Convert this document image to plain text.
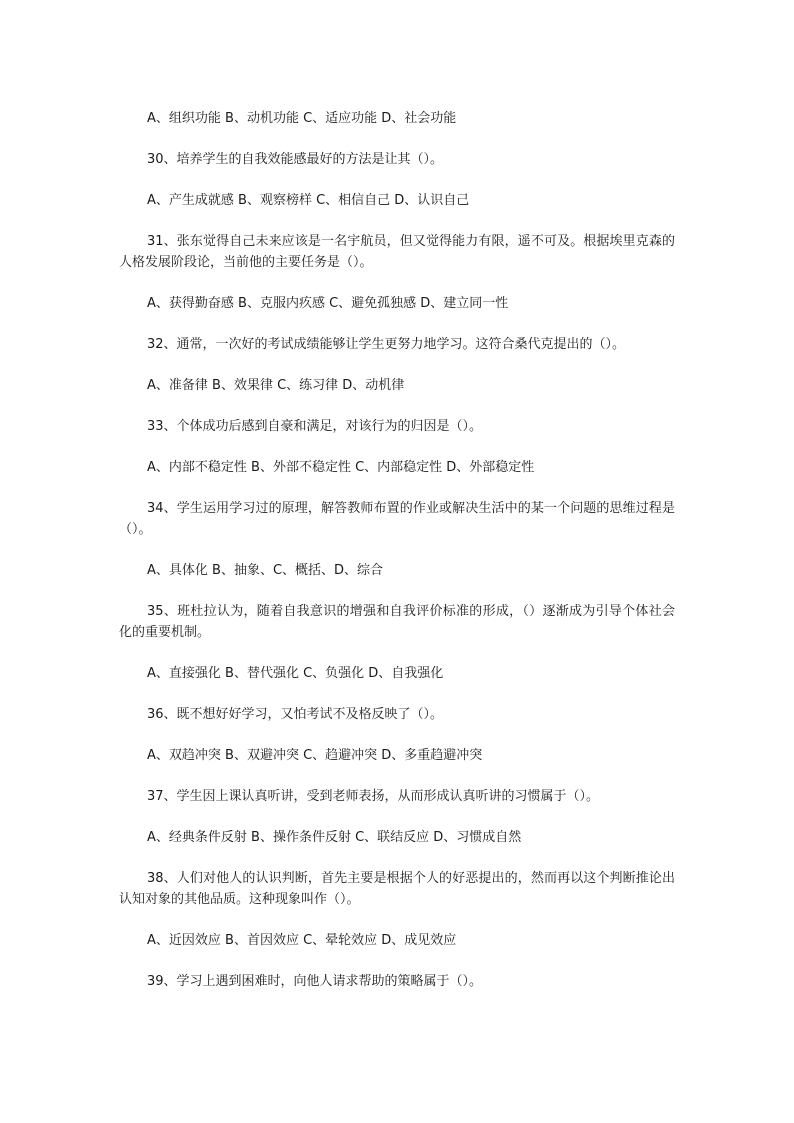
A、组织功能 B、动机功能 C、适应功能 D、社会功能

30、培养学生的自我效能感最好的方法是让其（）。

A、产生成就感 B、观察榜样 C、相信自己 D、认识自己

31、张东觉得自己未来应该是一名宇航员，但又觉得能力有限，遥不可及。根据埃里克森的人格发展阶段论，当前他的主要任务是（）。

A、获得勤奋感 B、克服内疚感 C、避免孤独感 D、建立同一性

32、通常，一次好的考试成绩能够让学生更努力地学习。这符合桑代克提出的（）。

A、准备律 B、效果律 C、练习律 D、动机律

33、个体成功后感到自豪和满足，对该行为的归因是（）。

A、内部不稳定性 B、外部不稳定性 C、内部稳定性 D、外部稳定性

34、学生运用学习过的原理，解答教师布置的作业或解决生活中的某一个问题的思维过程是（）。

A、具体化 B、抽象、C、概括、D、综合

35、班杜拉认为，随着自我意识的增强和自我评价标准的形成，（）逐渐成为引导个体社会化的重要机制。

A、直接强化 B、替代强化 C、负强化 D、自我强化

36、既不想好好学习，又怕考试不及格反映了（）。

A、双趋冲突 B、双避冲突 C、趋避冲突 D、多重趋避冲突

37、学生因上课认真听讲，受到老师表扬，从而形成认真听讲的习惯属于（）。

A、经典条件反射 B、操作条件反射 C、联结反应 D、习惯成自然

38、人们对他人的认识判断，首先主要是根据个人的好恶提出的，然而再以这个判断推论出认知对象的其他品质。这种现象叫作（）。

A、近因效应 B、首因效应 C、晕轮效应 D、成见效应

39、学习上遇到困难时，向他人请求帮助的策略属于（）。
